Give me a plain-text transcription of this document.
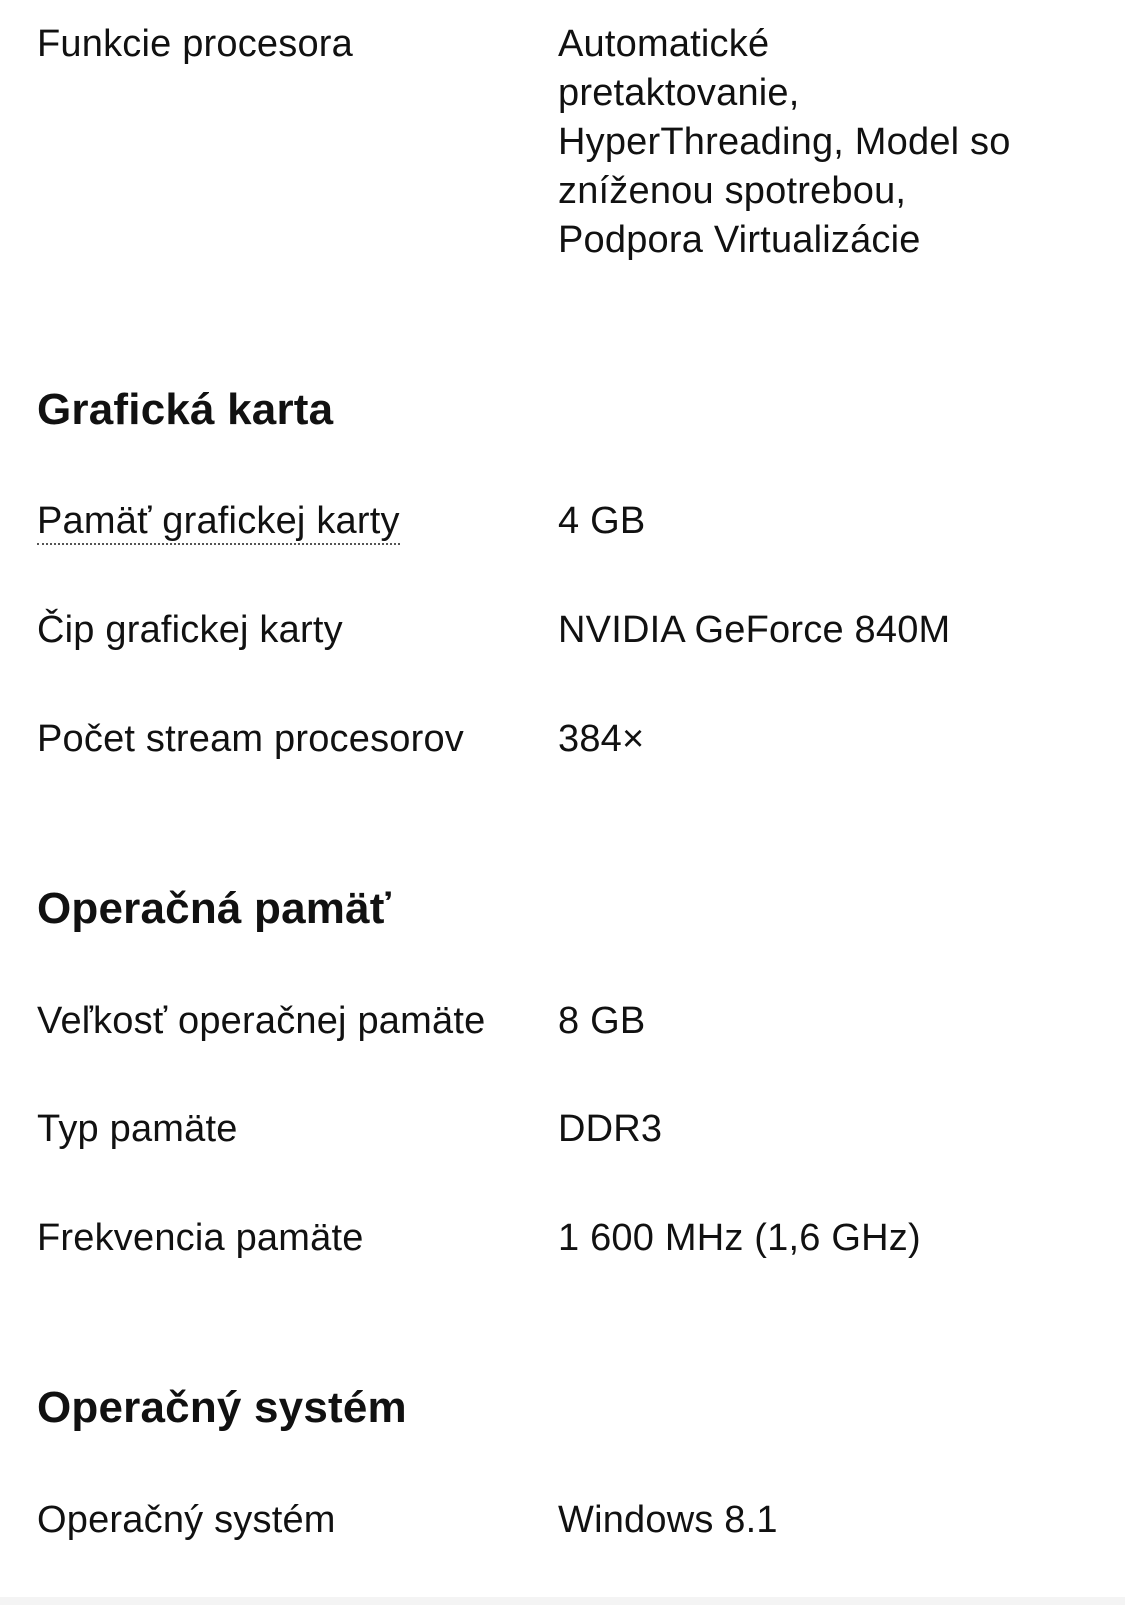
Funkcie procesora	Automatické
pretaktovanie,
HyperThreading, Model so
zníženou spotrebou,
Podpora Virtualizácie
Grafická karta
Pamäť grafickej karty	4 GB
Čip grafickej karty	NVIDIA GeForce 840M
Počet stream procesorov	384×
Operačná pamäť
Veľkosť operačnej pamäte	8 GB
Typ pamäte	DDR3
Frekvencia pamäte	1 600 MHz (1,6 GHz)
Operačný systém
Operačný systém	Windows 8.1
